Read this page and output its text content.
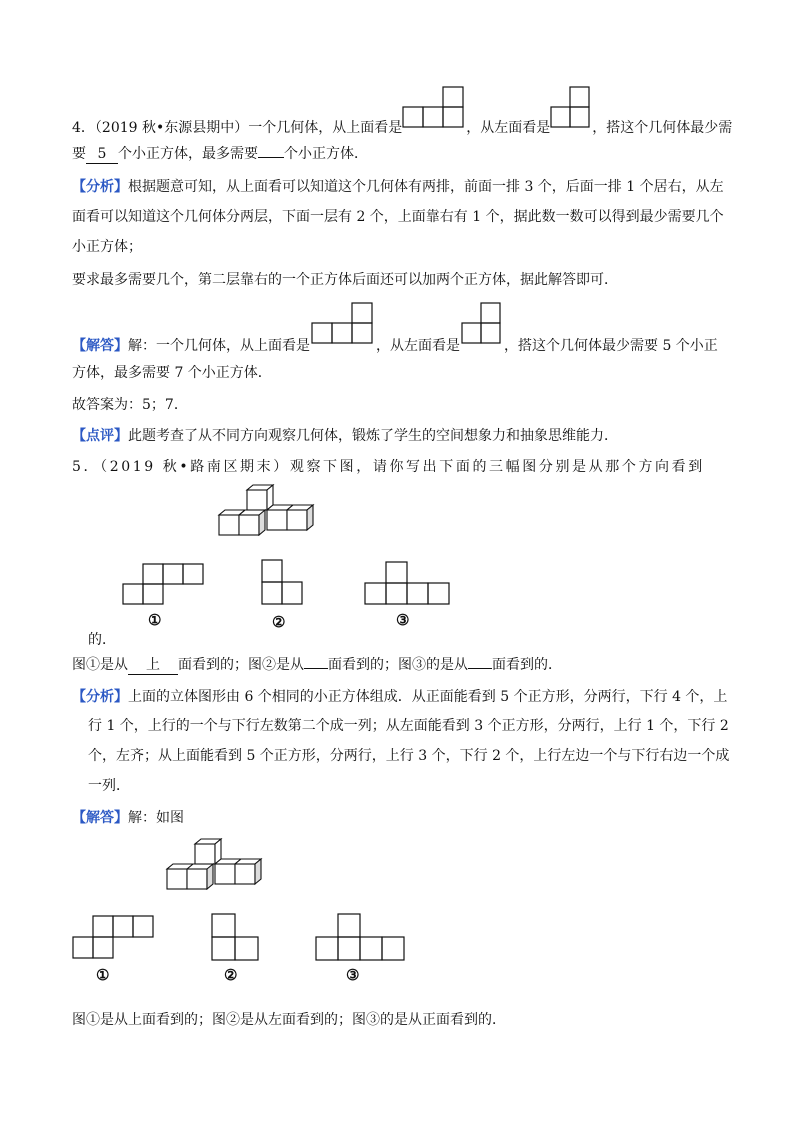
4．（2019 秋•东源县期中）一个几何体，从上面看是	，从左面看是	，搭这个几何体最少需
要 5 个小正方体，最多需要 个小正方体．
【分析】根据题意可知，从上面看可以知道这个几何体有两排，前面一排 3 个，后面一排 1 个居右，从左
面看可以知道这个几何体分两层，下面一层有 2 个，上面靠右有 1 个，据此数一数可以得到最少需要几个
小正方体；
要求最多需要几个，第二层靠右的一个正方体后面还可以加两个正方体，据此解答即可．
【解答】解：一个几何体，从上面看是	，从左面看是	，搭这个几何体最少需要 5 个小正
方体，最多需要 7 个小正方体．
故答案为：5；7．
【点评】此题考查了从不同方向观察几何体，锻炼了学生的空间想象力和抽象思维能力．
5．（2019 秋•路南区期末）观察下图，请你写出下面的三幅图分别是从那个方向看到
①	②	③
的．
图①是从 上 面看到的；图②是从 面看到的；图③的是从 面看到的．
【分析】上面的立体图形由 6 个相同的小正方体组成．从正面能看到 5 个正方形，分两行，下行 4 个，上
行 1 个，上行的一个与下行左数第二个成一列；从左面能看到 3 个正方形，分两行，上行 1 个，下行 2
个，左齐；从上面能看到 5 个正方形，分两行，上行 3 个，下行 2 个，上行左边一个与下行右边一个成
一列．
【解答】解：如图
①	②	③
图①是从上面看到的；图②是从左面看到的；图③的是从正面看到的．
